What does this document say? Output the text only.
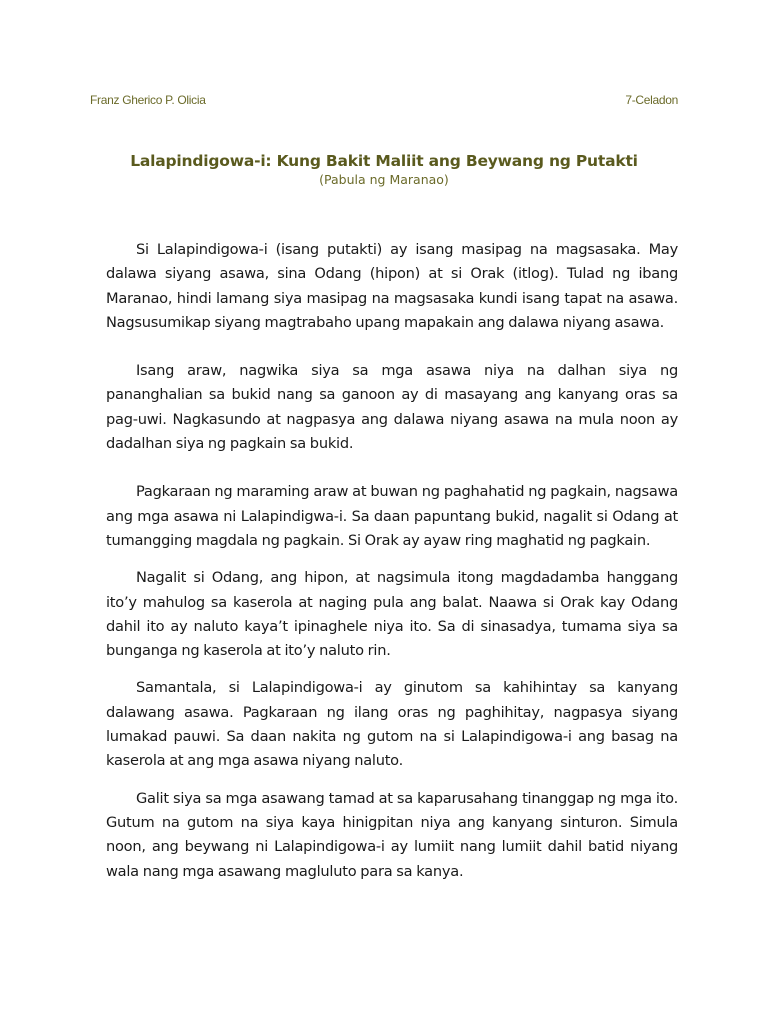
Franz Gherico P. Olicia	7-Celadon
Lalapindigowa-i: Kung Bakit Maliit ang Beywang ng Putakti
(Pabula ng Maranao)

Si Lalapindigowa-i (isang putakti) ay isang masipag na magsasaka. May dalawa siyang asawa, sina Odang (hipon) at si Orak (itlog). Tulad ng ibang Maranao, hindi lamang siya masipag na magsasaka kundi isang tapat na asawa. Nagsusumikap siyang magtrabaho upang mapakain ang dalawa niyang asawa.

Isang araw, nagwika siya sa mga asawa niya na dalhan siya ng pananghalian sa bukid nang sa ganoon ay di masayang ang kanyang oras sa pag-uwi. Nagkasundo at nagpasya ang dalawa niyang asawa na mula noon ay dadalhan siya ng pagkain sa bukid.

Pagkaraan ng maraming araw at buwan ng paghahatid ng pagkain, nagsawa ang mga asawa ni Lalapindigwa-i. Sa daan papuntang bukid, nagalit si Odang at tumangging magdala ng pagkain. Si Orak ay ayaw ring maghatid ng pagkain.

Nagalit si Odang, ang hipon, at nagsimula itong magdadamba hanggang ito’y mahulog sa kaserola at naging pula ang balat. Naawa si Orak kay Odang dahil ito ay naluto kaya’t ipinaghele niya ito. Sa di sinasadya, tumama siya sa bunganga ng kaserola at ito’y naluto rin.

Samantala, si Lalapindigowa-i ay ginutom sa kahihintay sa kanyang dalawang asawa. Pagkaraan ng ilang oras ng paghihitay, nagpasya siyang lumakad pauwi. Sa daan nakita ng gutom na si Lalapindigowa-i ang basag na kaserola at ang mga asawa niyang naluto.

Galit siya sa mga asawang tamad at sa kaparusahang tinanggap ng mga ito. Gutum na gutom na siya kaya hinigpitan niya ang kanyang sinturon. Simula noon, ang beywang ni Lalapindigowa-i ay lumiit nang lumiit dahil batid niyang wala nang mga asawang magluluto para sa kanya.
